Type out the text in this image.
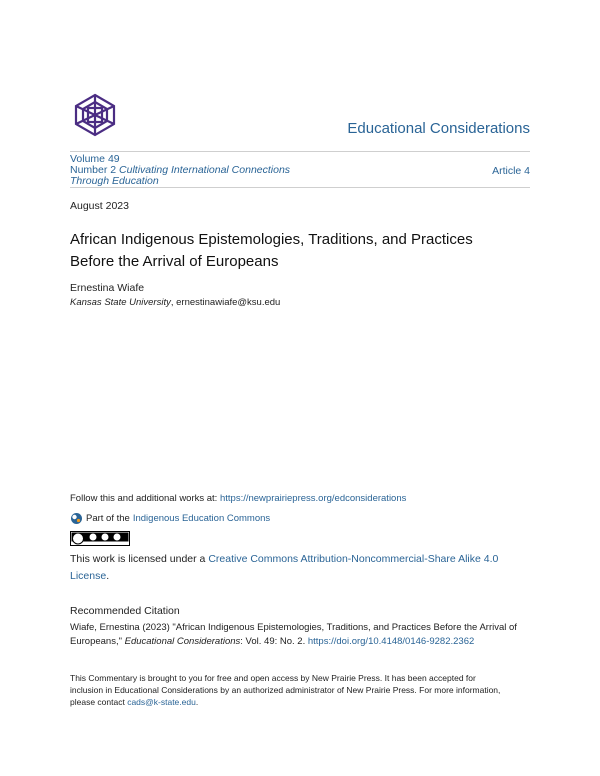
Educational Considerations
Volume 49
Number 2 Cultivating International Connections
Through Education
Article 4
August 2023
African Indigenous Epistemologies, Traditions, and Practices
Before the Arrival of Europeans
Ernestina Wiafe
Kansas State University, ernestinawiafe@ksu.edu
Follow this and additional works at: https://newprairiepress.org/edconsiderations
Part of the Indigenous Education Commons
This work is licensed under a Creative Commons Attribution-Noncommercial-Share Alike 4.0
License.
Recommended Citation
Wiafe, Ernestina (2023) "African Indigenous Epistemologies, Traditions, and Practices Before the Arrival of
Europeans," Educational Considerations: Vol. 49: No. 2. https://doi.org/10.4148/0146-9282.2362
This Commentary is brought to you for free and open access by New Prairie Press. It has been accepted for
inclusion in Educational Considerations by an authorized administrator of New Prairie Press. For more information,
please contact cads@k-state.edu.
